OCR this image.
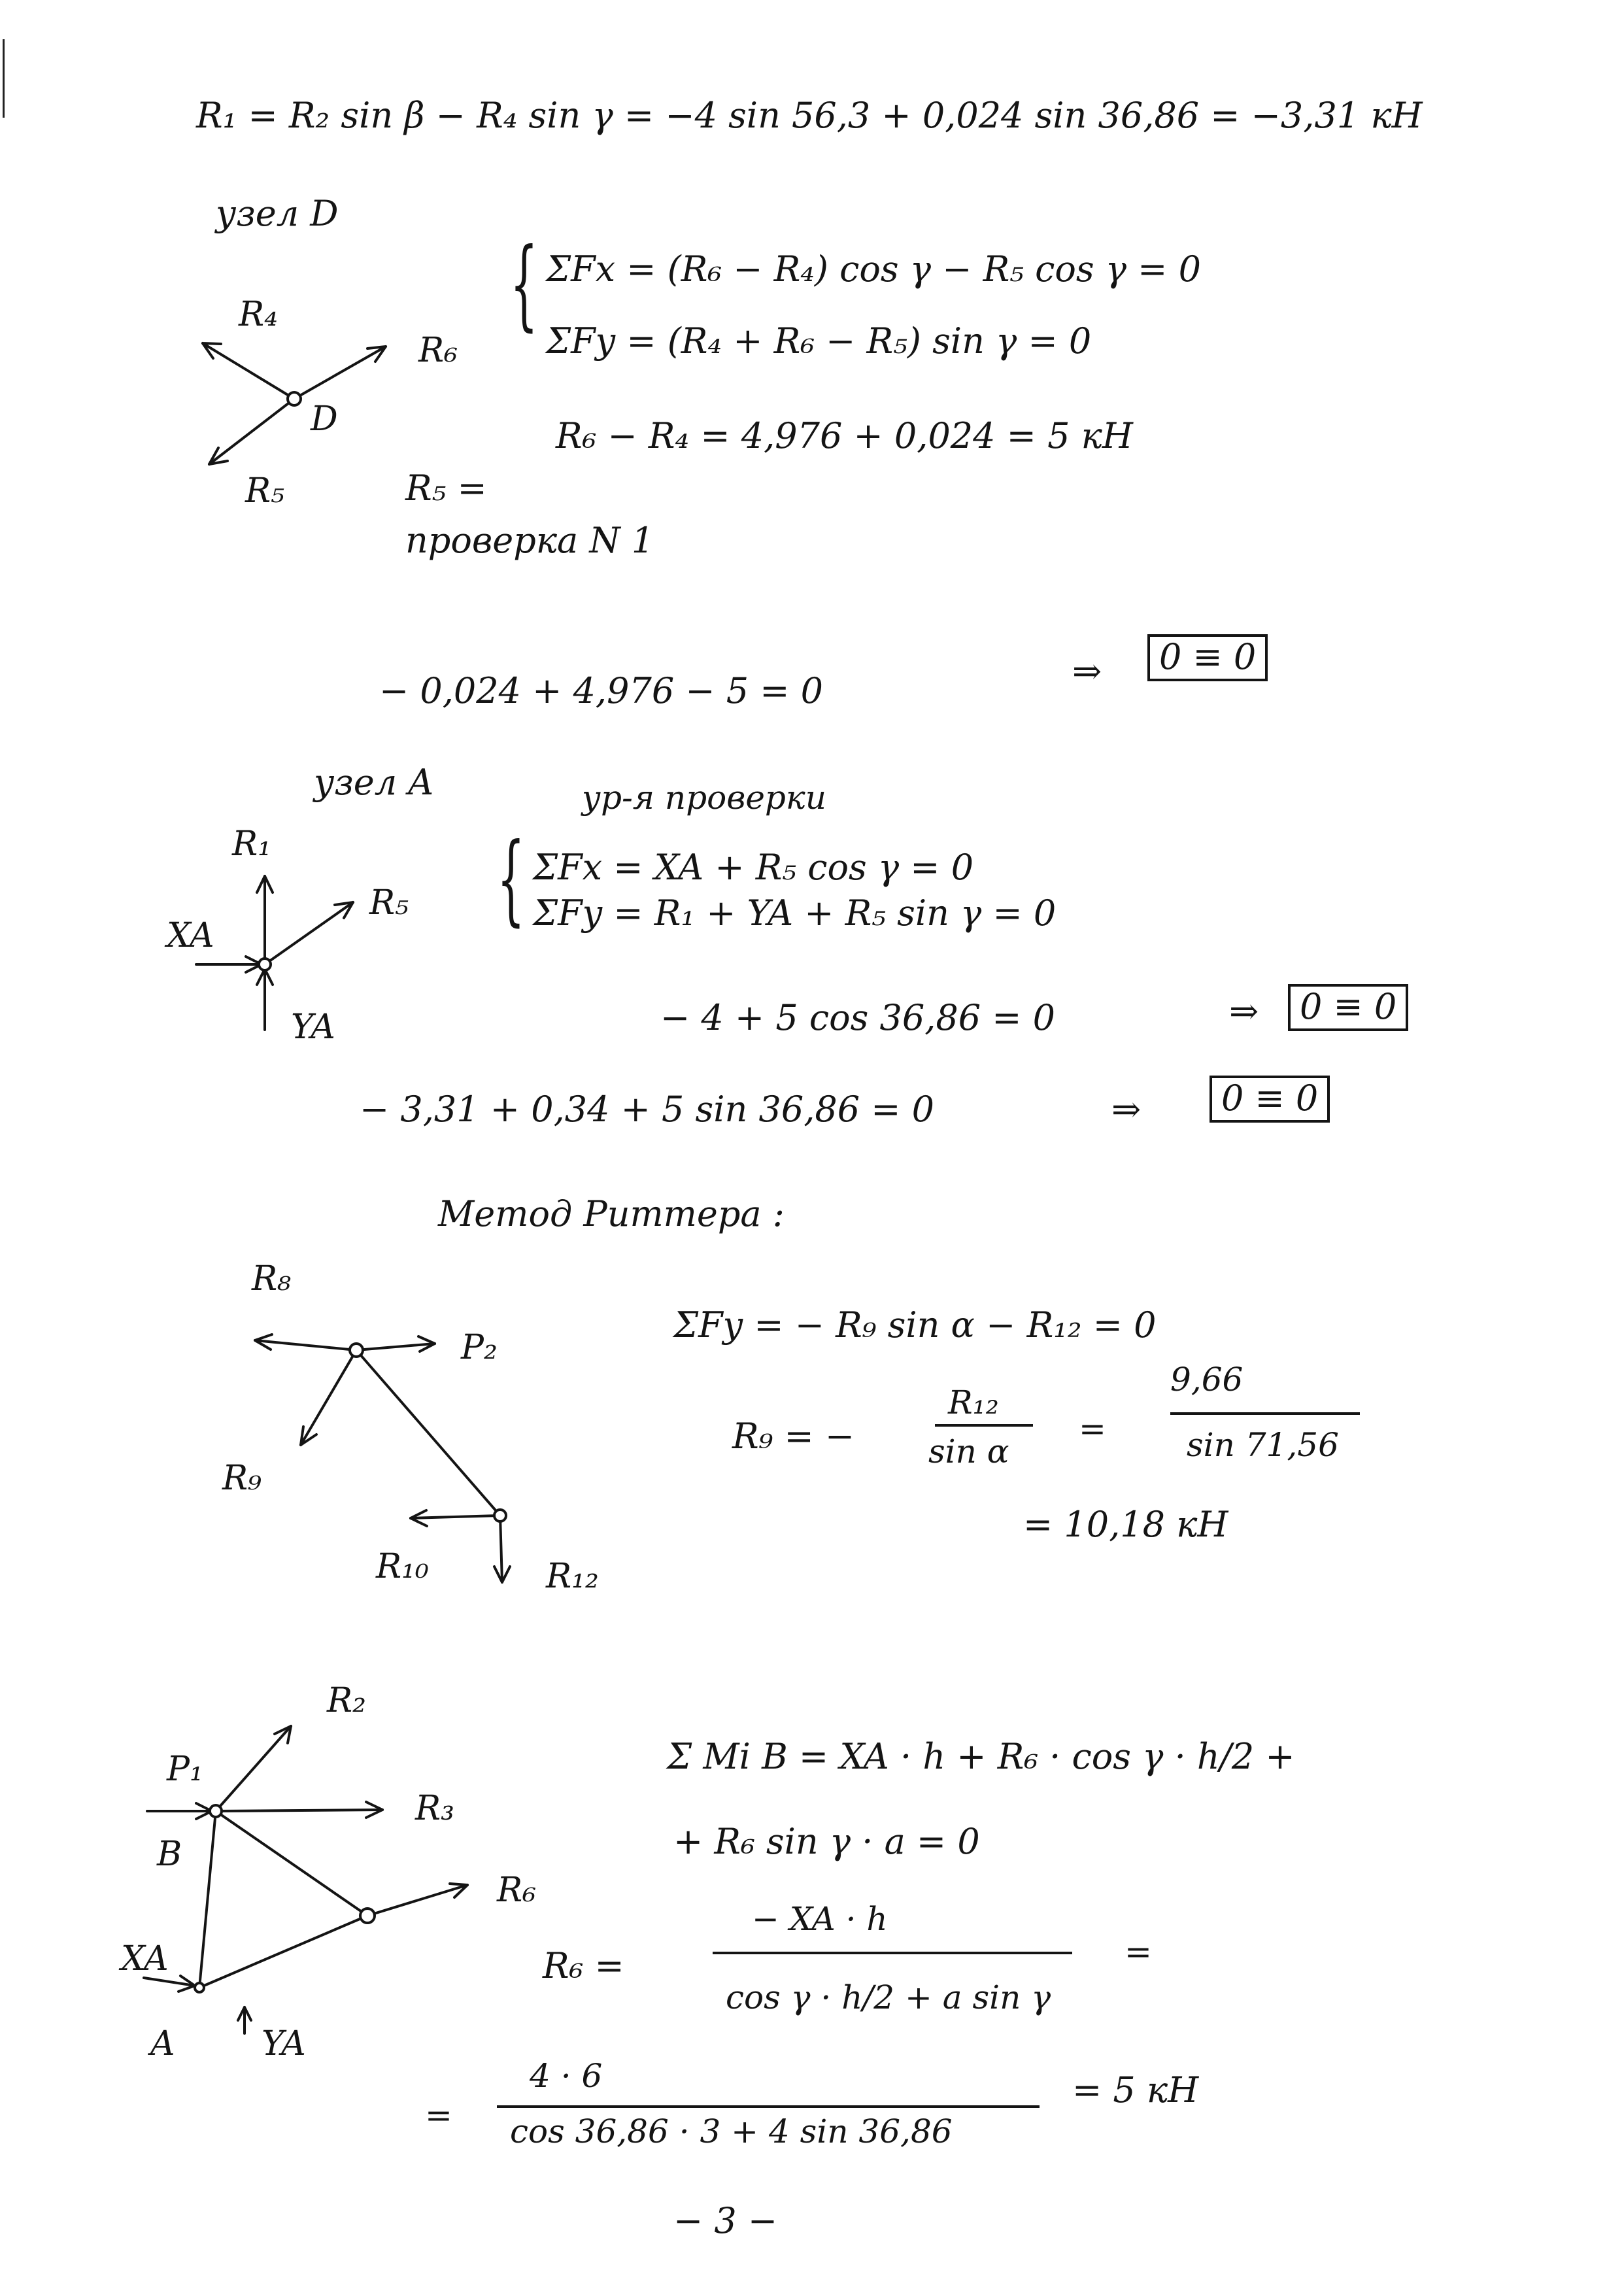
R₁ = R₂ sin β − R₄ sin γ = −4 sin 56,3 + 0,024 sin 36,86 = −3,31 кН
узел D
R₄
R₆
D
R₅
{ ΣFx = (R₆ − R₄) cos γ − R₅ cos γ = 0
ΣFy = (R₄ + R₆ − R₅) sin γ = 0
R₆ − R₄ = 4,976 + 0,024 = 5 кН
R₅ =
проверка N 1
− 0,024 + 4,976 − 5 = 0	⇒	0 ≡ 0
узел A	ур-я проверки
R₁
R₅
XA
YA
{ ΣFx = XA + R₅ cos γ = 0
ΣFy = R₁ + YA + R₅ sin γ = 0
− 4 + 5 cos 36,86 = 0	⇒	0 ≡ 0
− 3,31 + 0,34 + 5 sin 36,86 = 0	⇒	0 ≡ 0
Метод Риттера :
R₈
P₂
R₉
R₁₀	R₁₂
ΣFy = − R₉ sin α − R₁₂ = 0
R₉ = −
R₁₂
sin α
=
9,66
sin 71,56
= 10,18 кН
R₂
P₁
R₃
B
R₆
XA
A	YA
Σ Mi B = XA · h + R₆ · cos γ · h/2 +
+ R₆ sin γ · a = 0
R₆ =
− XA · h
cos γ · h/2 + a sin γ
=
=
4 · 6
cos 36,86 · 3 + 4 sin 36,86
= 5 кН
− 3 −
